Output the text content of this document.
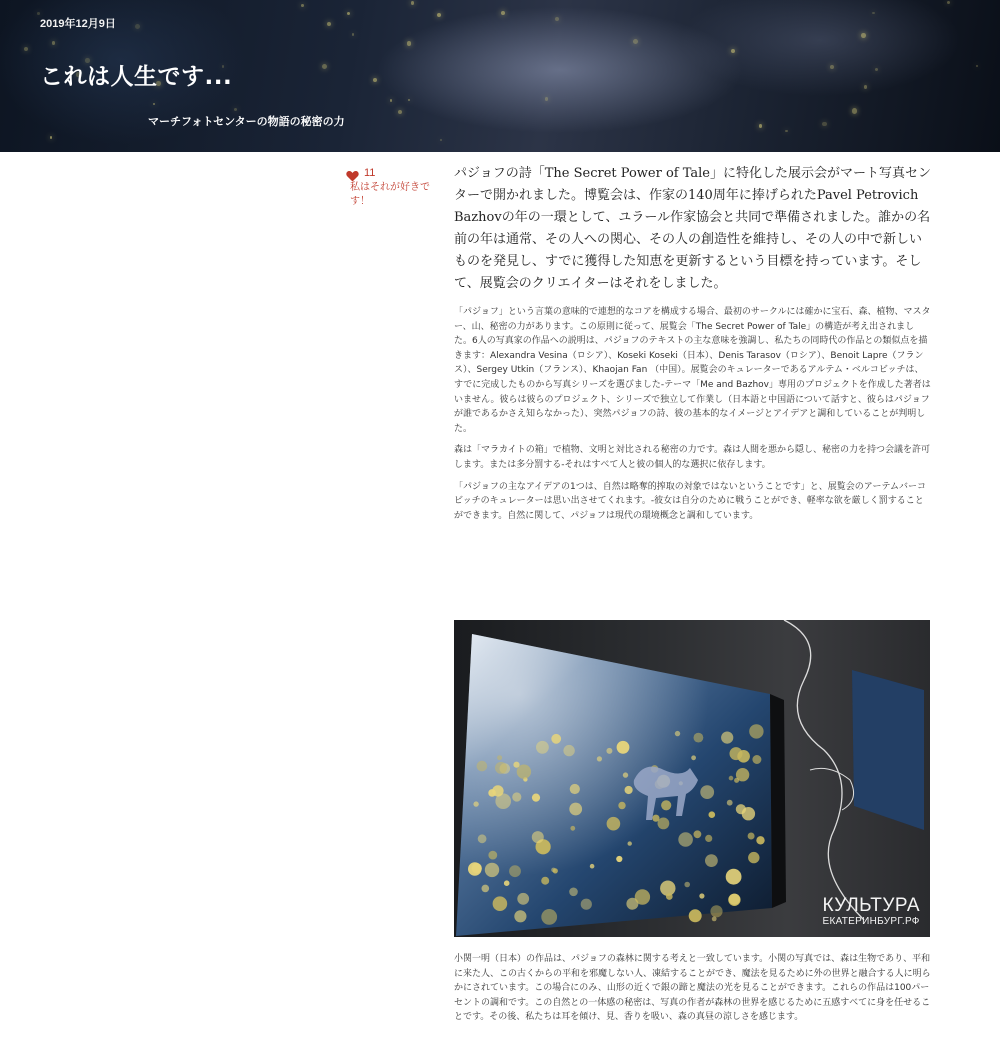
2019年12月9日
これは人生です...
マーチフォトセンターの物語の秘密の力
11
私はそれが好きです！

パジョフの詩「The Secret Power of Tale」に特化した展示会がマート写真センターで開かれました。博覧会は、作家の140周年に捧げられたPavel Petrovich Bazhovの年の一環として、ユラール作家協会と共同で準備されました。誰かの名前の年は通常、その人への関心、その人の創造性を維持し、その人の中で新しいものを発見し、すでに獲得した知恵を更新するという目標を持っています。そして、展覧会のクリエイターはそれをしました。

「パジョフ」という言葉の意味的で連想的なコアを構成する場合、最初のサークルには確かに宝石、森、植物、マスター、山、秘密の力があります。この原則に従って、展覧会「The Secret Power of Tale」の構造が考え出されました。6人の写真家の作品への説明は、パジョフのテキストの主な意味を強調し、私たちの同時代の作品との類似点を描きます：Alexandra Vesina（ロシア）、Koseki Koseki（日本）、Denis Tarasov（ロシア）、Benoit Lapre（フランス）、Sergey Utkin（フランス）、Khaojan Fan （中国）。展覧会のキュレーターであるアルテム・ベルコビッチは、すでに完成したものから写真シリーズを選びました-テーマ「Me and Bazhov」専用のプロジェクトを作成した著者はいません。彼らは彼らのプロジェクト、シリーズで独立して作業し（日本語と中国語について話すと、彼らはパジョフが誰であるかさえ知らなかった）、突然パジョフの詩、彼の基本的なイメージとアイデアと調和していることが判明した。

森は「マラカイトの箱」で植物、文明と対比される秘密の力です。森は人間を悪から隠し、秘密の力を持つ会議を許可します。または多分罰する-それはすべて人と彼の個人的な選択に依存します。

「パジョフの主なアイデアの1つは、自然は略奪的搾取の対象ではないということです」と、展覧会のアーテムバーコビッチのキュレーターは思い出させてくれます。-彼女は自分のために戦うことができ、軽率な欲を厳しく罰することができます。自然に関して、パジョフは現代の環境概念と調和しています。

КУЛЬТУРА
ЕКАТЕРИНБУРГ.РФ

小関一明（日本）の作品は、パジョフの森林に関する考えと一致しています。小関の写真では、森は生物であり、平和に来た人、この古くからの平和を邪魔しない人、凍結することができ、魔法を見るために外の世界と融合する人に明らかにされています。この場合にのみ、山形の近くで銀の蹄と魔法の光を見ることができます。これらの作品は100パーセントの調和です。この自然との一体感の秘密は、写真の作者が森林の世界を感じるために五感すべてに身を任せることです。その後、私たちは耳を傾け、見、香りを吸い、森の真昼の涼しさを感じます。
